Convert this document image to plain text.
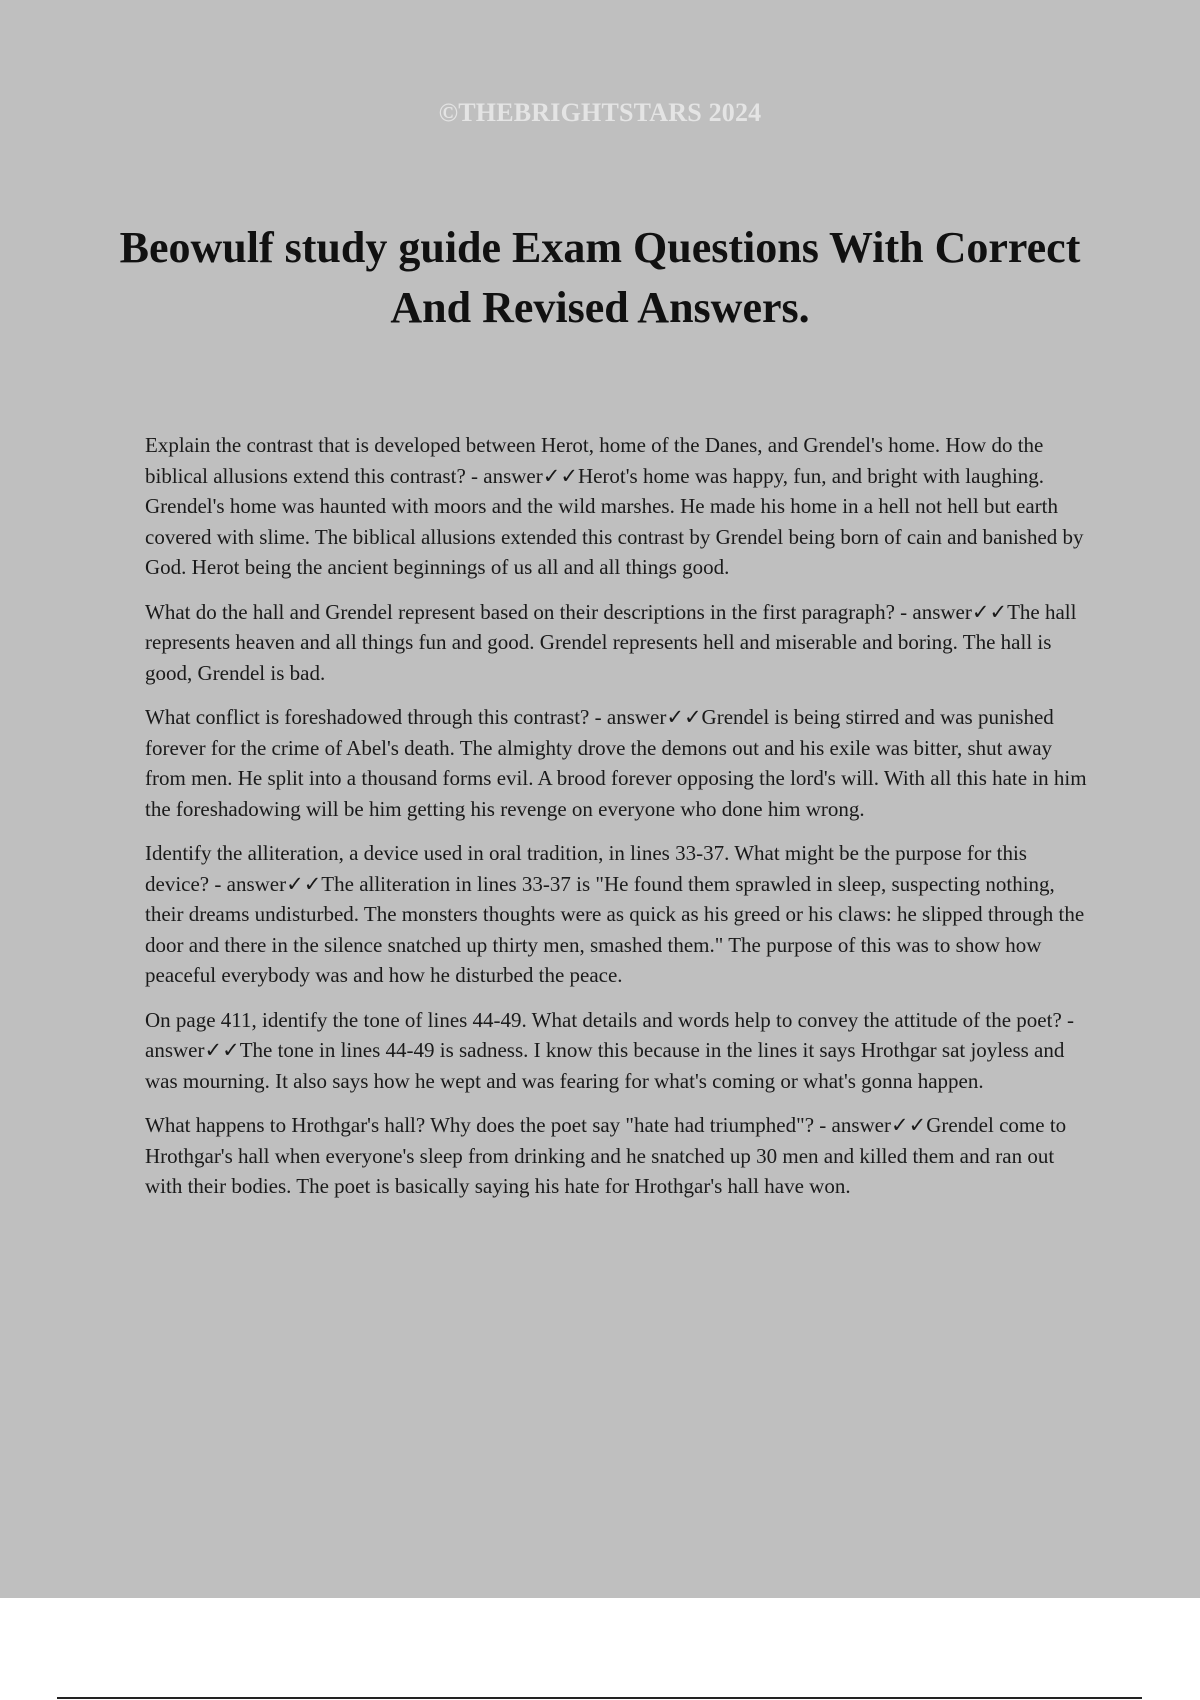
©THEBRIGHTSTARS 2024
Beowulf study guide Exam Questions With Correct And Revised Answers.

Explain the contrast that is developed between Herot, home of the Danes, and Grendel's home. How do the biblical allusions extend this contrast? - answer✓✓Herot's home was happy, fun, and bright with laughing. Grendel's home was haunted with moors and the wild marshes. He made his home in a hell not hell but earth covered with slime. The biblical allusions extended this contrast by Grendel being born of cain and banished by God. Herot being the ancient beginnings of us all and all things good.

What do the hall and Grendel represent based on their descriptions in the first paragraph? - answer✓✓The hall represents heaven and all things fun and good. Grendel represents hell and miserable and boring. The hall is good, Grendel is bad.

What conflict is foreshadowed through this contrast? - answer✓✓Grendel is being stirred and was punished forever for the crime of Abel's death. The almighty drove the demons out and his exile was bitter, shut away from men. He split into a thousand forms evil. A brood forever opposing the lord's will. With all this hate in him the foreshadowing will be him getting his revenge on everyone who done him wrong.

Identify the alliteration, a device used in oral tradition, in lines 33-37. What might be the purpose for this device? - answer✓✓The alliteration in lines 33-37 is "He found them sprawled in sleep, suspecting nothing, their dreams undisturbed. The monsters thoughts were as quick as his greed or his claws: he slipped through the door and there in the silence snatched up thirty men, smashed them." The purpose of this was to show how peaceful everybody was and how he disturbed the peace.

On page 411, identify the tone of lines 44-49. What details and words help to convey the attitude of the poet? - answer✓✓The tone in lines 44-49 is sadness. I know this because in the lines it says Hrothgar sat joyless and was mourning. It also says how he wept and was fearing for what's coming or what's gonna happen.

What happens to Hrothgar's hall? Why does the poet say "hate had triumphed"? - answer✓✓Grendel come to Hrothgar's hall when everyone's sleep from drinking and he snatched up 30 men and killed them and ran out with their bodies. The poet is basically saying his hate for Hrothgar's hall have won.
